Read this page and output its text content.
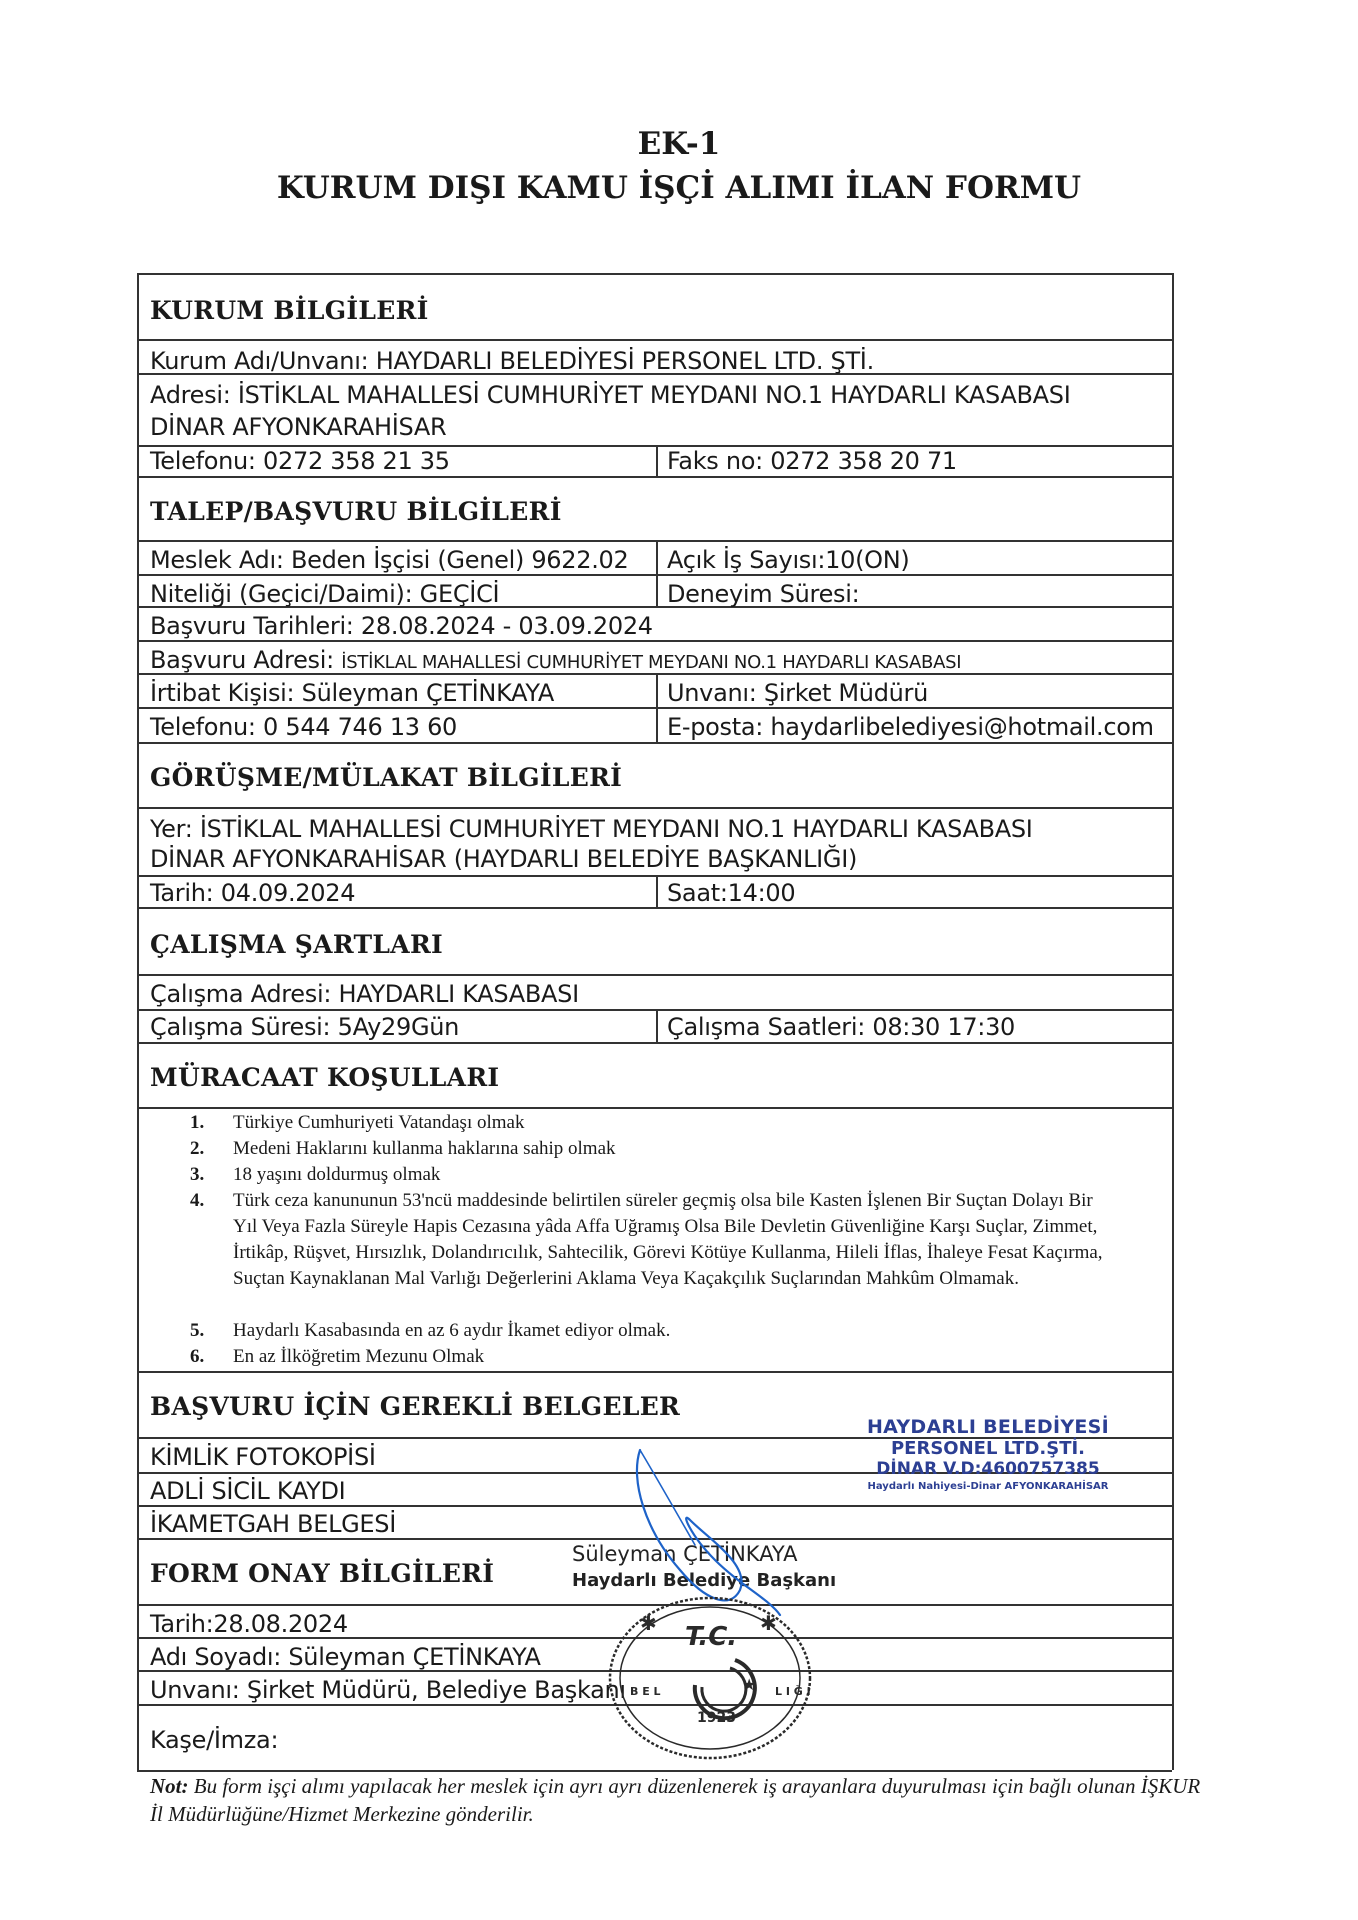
EK-1
KURUM DIŞI KAMU İŞÇİ ALIMI İLAN FORMU
KURUM BİLGİLERİ
Kurum Adı/Unvanı: HAYDARLI BELEDİYESİ PERSONEL LTD. ŞTİ.
Adresi: İSTİKLAL MAHALLESİ CUMHURİYET MEYDANI NO.1 HAYDARLI KASABASI
DİNAR AFYONKARAHİSAR
Telefonu: 0272 358 21 35	Faks no: 0272 358 20 71
TALEP/BAŞVURU BİLGİLERİ
Meslek Adı: Beden İşçisi (Genel) 9622.02 Açık İş Sayısı:10(ON)
Niteliği (Geçici/Daimi): GEÇİCİ	Deneyim Süresi:
Başvuru Tarihleri: 28.08.2024 - 03.09.2024
Başvuru Adresi: İSTİKLAL MAHALLESİ CUMHURİYET MEYDANI NO.1 HAYDARLI KASABASI
İrtibat Kişisi: Süleyman ÇETİNKAYA	Unvanı: Şirket Müdürü
Telefonu: 0 544 746 13 60	E-posta: haydarlibelediyesi@hotmail.com
GÖRÜŞME/MÜLAKAT BİLGİLERİ
Yer: İSTİKLAL MAHALLESİ CUMHURİYET MEYDANI NO.1 HAYDARLI KASABASI
DİNAR AFYONKARAHİSAR (HAYDARLI BELEDİYE BAŞKANLIĞI)
Tarih: 04.09.2024	Saat:14:00
ÇALIŞMA ŞARTLARI
Çalışma Adresi: HAYDARLI KASABASI
Çalışma Süresi: 5Ay29Gün	Çalışma Saatleri: 08:30 17:30
MÜRACAAT KOŞULLARI
1.	Türkiye Cumhuriyeti Vatandaşı olmak
2.	Medeni Haklarını kullanma haklarına sahip olmak
3.	18 yaşını doldurmuş olmak
4.	Türk ceza kanununun 53'ncü maddesinde belirtilen süreler geçmiş olsa bile Kasten İşlenen Bir Suçtan Dolayı Bir Yıl Veya Fazla Süreyle Hapis Cezasına yâda Affa Uğramış Olsa Bile Devletin Güvenliğine Karşı Suçlar, Zimmet, İrtikâp, Rüşvet, Hırsızlık, Dolandırıcılık, Sahtecilik, Görevi Kötüye Kullanma, Hileli İflas, İhaleye Fesat Kaçırma, Suçtan Kaynaklanan Mal Varlığı Değerlerini Aklama Veya Kaçakçılık Suçlarından Mahkûm Olmamak.
5.	Haydarlı Kasabasında en az 6 aydır İkamet ediyor olmak.
6.	En az İlköğretim Mezunu Olmak
BAŞVURU İÇİN GEREKLİ BELGELER
KİMLİK FOTOKOPİSİ
ADLİ SİCİL KAYDI
İKAMETGAH BELGESİ
FORM ONAY BİLGİLERİ
Tarih:28.08.2024
Adı Soyadı: Süleyman ÇETİNKAYA
Unvanı: Şirket Müdürü, Belediye Başkanı
Kaşe/İmza:
HAYDARLI BELEDİYESİ
PERSONEL LTD.ŞTİ.
DİNAR V.D:4600757385
Haydarlı Nahiyesi-Dinar AFYONKARAHİSAR
Süleyman ÇETİNKAYA
Haydarlı Belediye Başkanı
T.C.
✱	✱
★
1923
B E L	L I Ğ I
Not: Bu form işçi alımı yapılacak her meslek için ayrı ayrı düzenlenerek iş arayanlara duyurulması için bağlı olunan İŞKUR İl Müdürlüğüne/Hizmet Merkezine gönderilir.
